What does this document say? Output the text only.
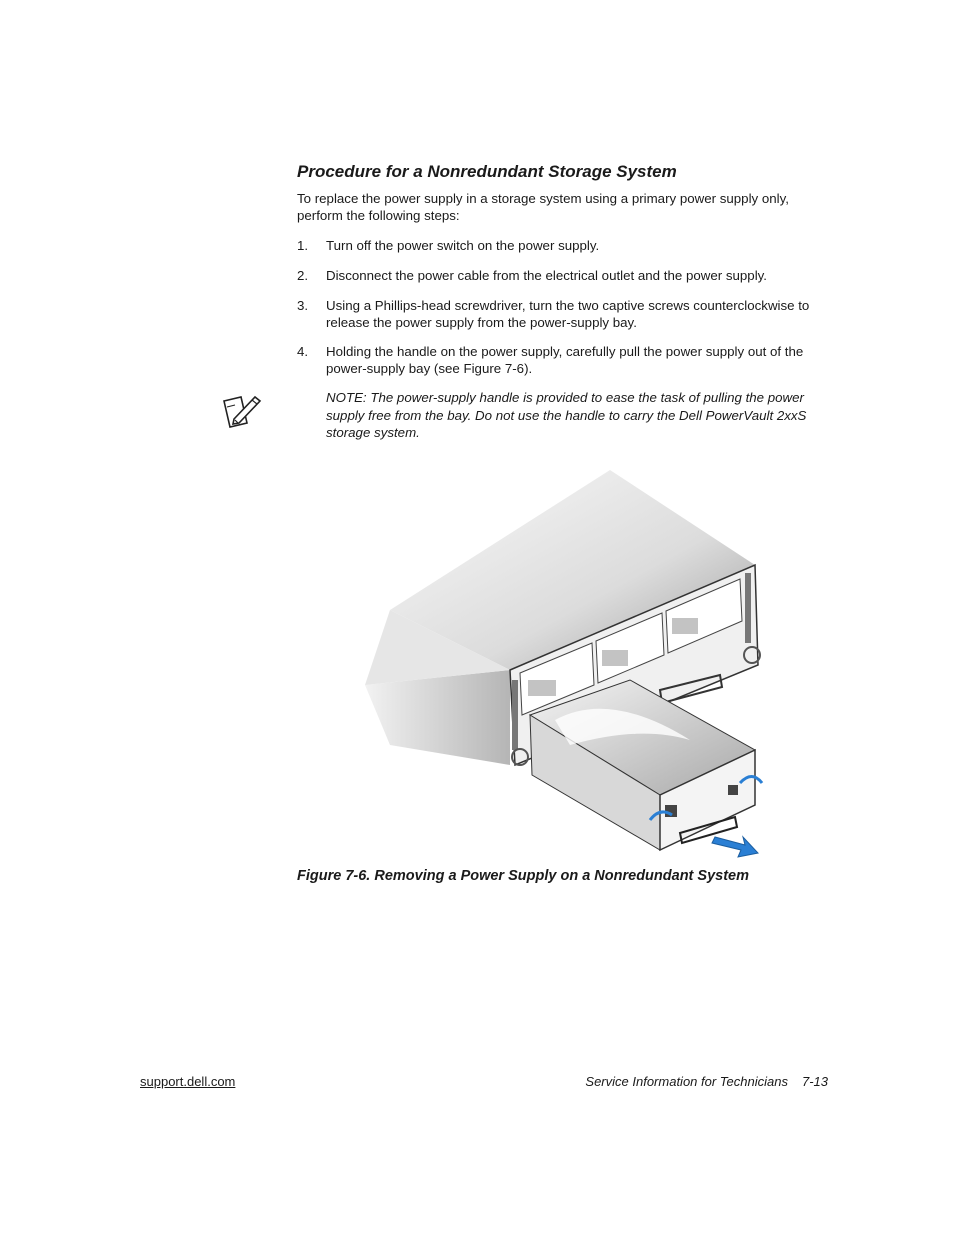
Procedure for a Nonredundant Storage System

To replace the power supply in a storage system using a primary power supply only, perform the following steps:

1. Turn off the power switch on the power supply.
2. Disconnect the power cable from the electrical outlet and the power supply.
3. Using a Phillips-head screwdriver, turn the two captive screws counterclockwise to release the power supply from the power-supply bay.
4. Holding the handle on the power supply, carefully pull the power supply out of the power-supply bay (see Figure 7-6).

NOTE: The power-supply handle is provided to ease the task of pulling the power supply free from the bay. Do not use the handle to carry the Dell PowerVault 2xxS storage system.

Figure 7-6. Removing a Power Supply on a Nonredundant System

support.dell.com	Service Information for Technicians 7-13
